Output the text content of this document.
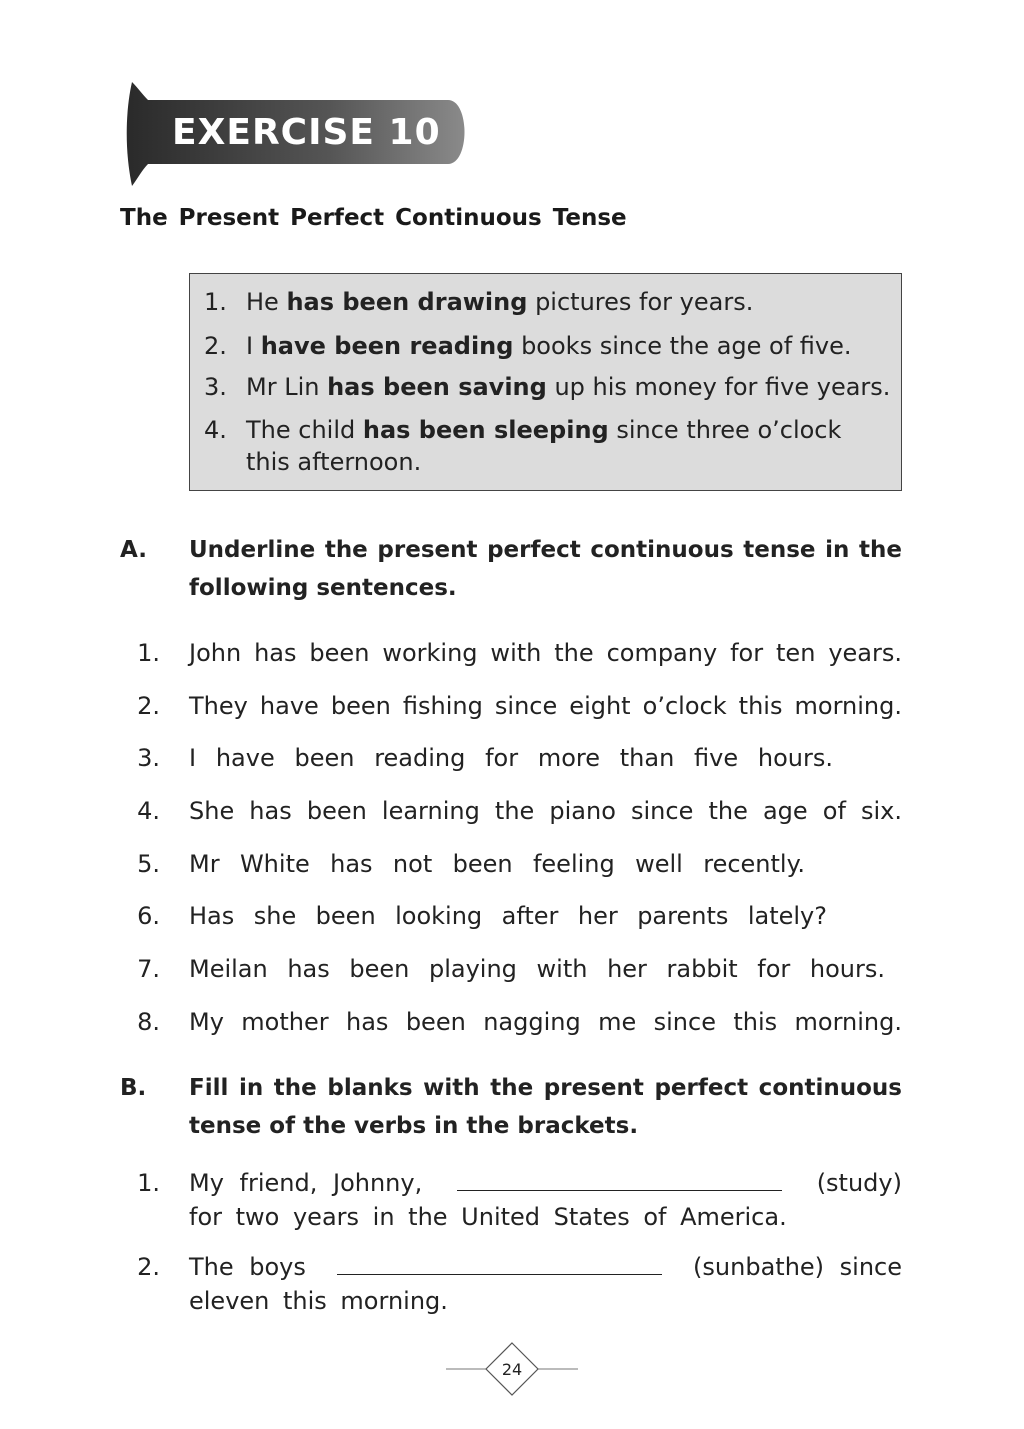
EXERCISE 10
The Present Perfect Continuous Tense
1. He has been drawing pictures for years.
2. I have been reading books since the age of five.
3. Mr Lin has been saving up his money for five years.
4. The child has been sleeping since three o’clock
this afternoon.
A. Underline the present perfect continuous tense in the following sentences.
1. John has been working with the company for ten years.
2. They have been fishing since eight o’clock this morning.
3. I have been reading for more than five hours.
4. She has been learning the piano since the age of six.
5. Mr White has not been feeling well recently.
6. Has she been looking after her parents lately?
7. Meilan has been playing with her rabbit for hours.
8. My mother has been nagging me since this morning.
B. Fill in the blanks with the present perfect continuous tense of the verbs in the brackets.
1. My friend, Johnny,	(study)
for two years in the United States of America.
2. The boys	(sunbathe) since
eleven this morning.
24
